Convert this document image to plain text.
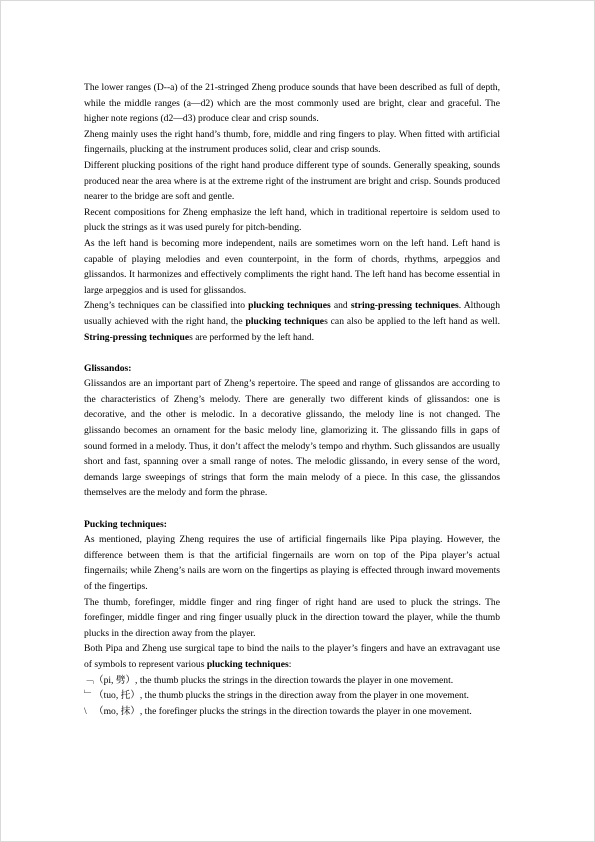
The lower ranges (D--a) of the 21-stringed Zheng produce sounds that have been described as full of depth, while the middle ranges (a—d2) which are the most commonly used are bright, clear and graceful. The higher note regions (d2—d3) produce clear and crisp sounds.

Zheng mainly uses the right hand’s thumb, fore, middle and ring fingers to play. When fitted with artificial fingernails, plucking at the instrument produces solid, clear and crisp sounds.

Different plucking positions of the right hand produce different type of sounds. Generally speaking, sounds produced near the area where is at the extreme right of the instrument are bright and crisp. Sounds produced nearer to the bridge are soft and gentle.

Recent compositions for Zheng emphasize the left hand, which in traditional repertoire is seldom used to pluck the strings as it was used purely for pitch-bending.

As the left hand is becoming more independent, nails are sometimes worn on the left hand. Left hand is capable of playing melodies and even counterpoint, in the form of chords, rhythms, arpeggios and glissandos. It harmonizes and effectively compliments the right hand. The left hand has become essential in large arpeggios and is used for glissandos.

Zheng’s techniques can be classified into plucking techniques and string-pressing techniques. Although usually achieved with the right hand, the plucking techniques can also be applied to the left hand as well. String-pressing techniques are performed by the left hand.

Glissandos:

Glissandos are an important part of Zheng’s repertoire. The speed and range of glissandos are according to the characteristics of Zheng’s melody. There are generally two different kinds of glissandos: one is decorative, and the other is melodic. In a decorative glissando, the melody line is not changed. The glissando becomes an ornament for the basic melody line, glamorizing it. The glissando fills in gaps of sound formed in a melody. Thus, it don’t affect the melody’s tempo and rhythm. Such glissandos are usually short and fast, spanning over a small range of notes. The melodic glissando, in every sense of the word, demands large sweepings of strings that form the main melody of a piece. In this case, the glissandos themselves are the melody and form the phrase.

Pucking techniques:

As mentioned, playing Zheng requires the use of artificial fingernails like Pipa playing. However, the difference between them is that the artificial fingernails are worn on top of the Pipa player’s actual fingernails; while Zheng’s nails are worn on the fingertips as playing is effected through inward movements of the fingertips.

The thumb, forefinger, middle finger and ring finger of right hand are used to pluck the strings. The forefinger, middle finger and ring finger usually pluck in the direction toward the player, while the thumb plucks in the direction away from the player.

Both Pipa and Zheng use surgical tape to bind the nails to the player’s fingers and have an extravagant use of symbols to represent various plucking techniques:

﹁（pi, 劈）, the thumb plucks the strings in the direction towards the player in one movement.

﹂（tuo, 托）, the thumb plucks the strings in the direction away from the player in one movement.

\ （mo, 抹）, the forefinger plucks the strings in the direction towards the player in one movement.
